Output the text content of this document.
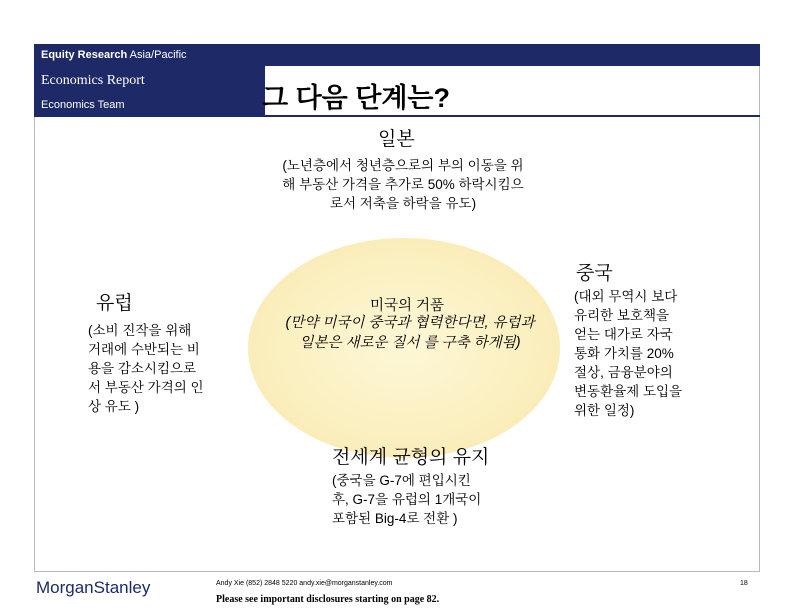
Equity Research Asia/Pacific
Economics Report
Economics Team	그 다음 단계는?
일본
(노년층에서 청년층으로의 부의 이동을 위
해 부동산 가격을 추가로 50% 하락시킴으
로서 저축을 하락을 유도)
중국
(대외 무역시 보다
유리한 보호책을
얻는 대가로 자국
통화 가치를 20%
절상, 금융분야의
변동환율제 도입을
위한 일정)
유럽
(소비 진작을 위해
거래에 수반되는 비
용을 감소시킴으로
서 부동산 가격의 인
상 유도 )
미국의 거품
(만약 미국이 중국과 협력한다면, 유럽과
일본은 새로운 질서 를 구축 하게됨)
전세계 균형의 유지
(중국을 G-7에 편입시킨
후, G-7을 유럽의 1개국이
포함된 Big-4로 전환 )
MorganStanley	Andy Xie (852) 2848 5220 andy.xie@morganstanley.com
Please see important disclosures starting on page 82.
18
